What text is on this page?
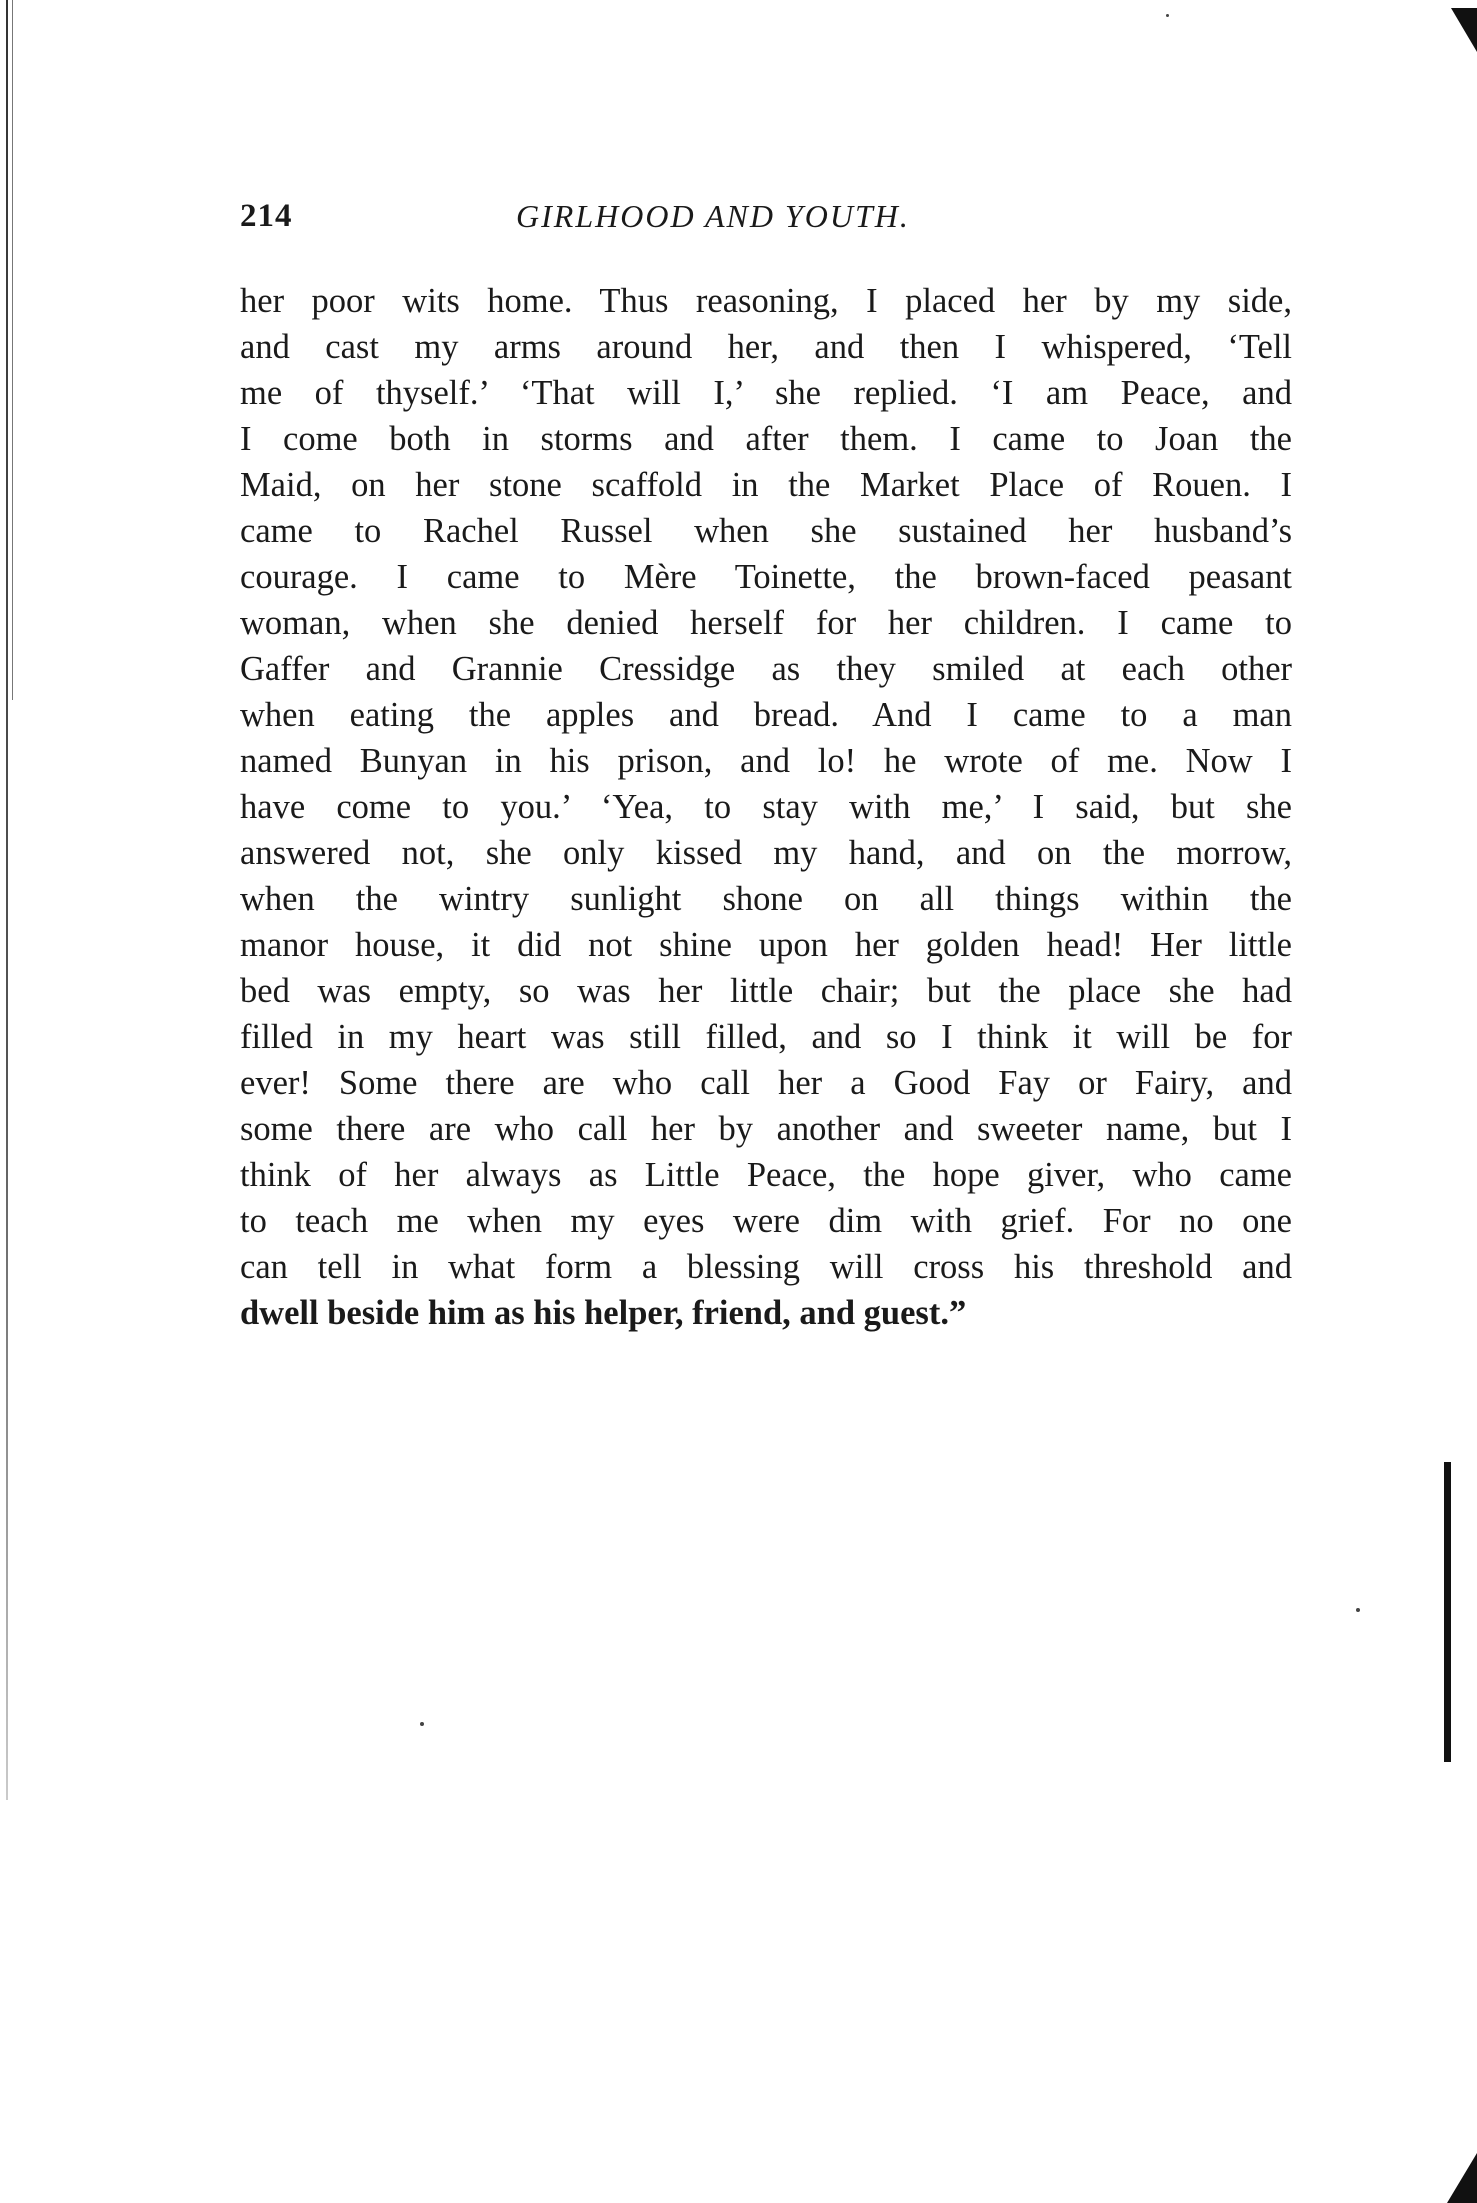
214	GIRLHOOD AND YOUTH.
her poor wits home. Thus reasoning, I placed her by my side,
and cast my arms around her, and then I whispered, ‘Tell
me of thyself.’ ‘That will I,’ she replied. ‘I am Peace, and
I come both in storms and after them. I came to Joan the
Maid, on her stone scaffold in the Market Place of Rouen. I
came to Rachel Russel when she sustained her husband’s
courage. I came to Mère Toinette, the brown-faced peasant
woman, when she denied herself for her children. I came to
Gaffer and Grannie Cressidge as they smiled at each other
when eating the apples and bread. And I came to a man
named Bunyan in his prison, and lo! he wrote of me. Now I
have come to you.’ ‘Yea, to stay with me,’ I said, but she
answered not, she only kissed my hand, and on the morrow,
when the wintry sunlight shone on all things within the
manor house, it did not shine upon her golden head! Her little
bed was empty, so was her little chair; but the place she had
filled in my heart was still filled, and so I think it will be for
ever! Some there are who call her a Good Fay or Fairy, and
some there are who call her by another and sweeter name, but I
think of her always as Little Peace, the hope giver, who came
to teach me when my eyes were dim with grief. For no one
can tell in what form a blessing will cross his threshold and
dwell beside him as his helper, friend, and guest.”
